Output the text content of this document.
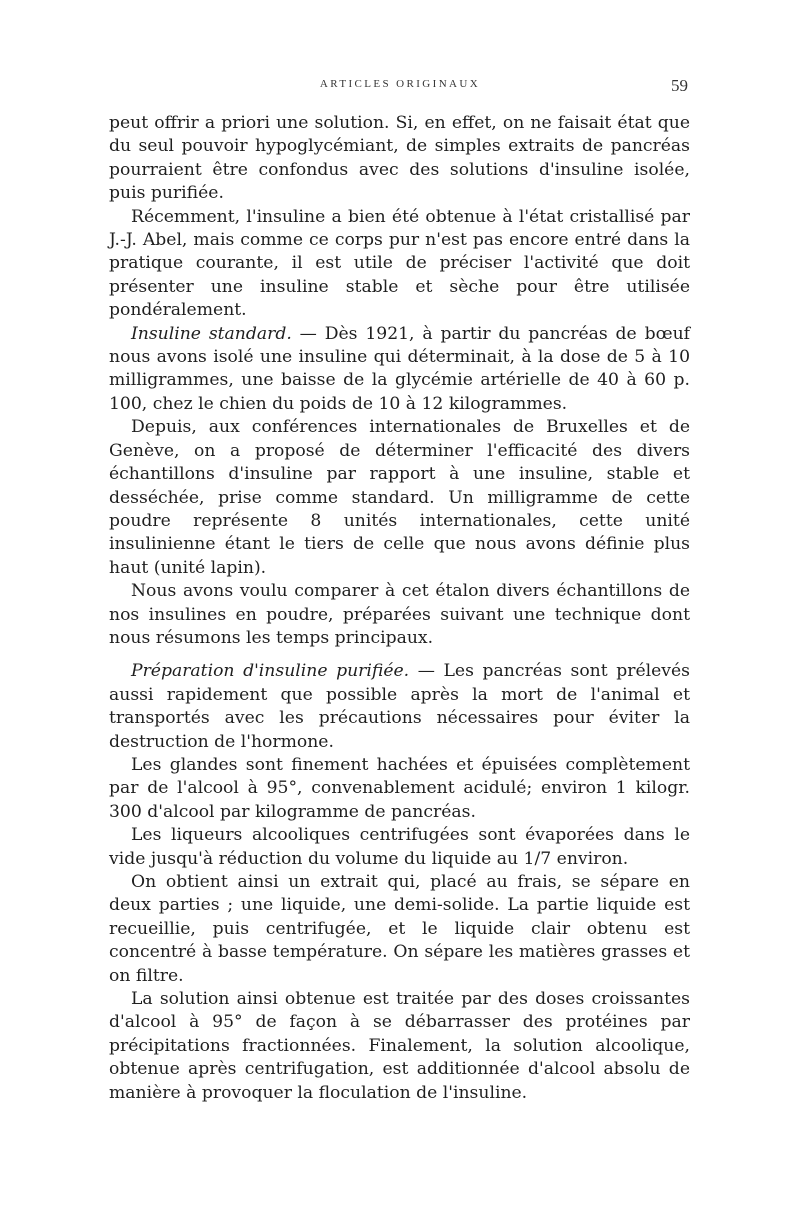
ARTICLES ORIGINAUX	59

peut offrir a priori une solution. Si, en effet, on ne faisait état que du seul pouvoir hypoglycémiant, de simples extraits de pancréas pourraient être confondus avec des solutions d'insuline isolée, puis purifiée.

Récemment, l'insuline a bien été obtenue à l'état cristallisé par J.-J. Abel, mais comme ce corps pur n'est pas encore entré dans la pratique courante, il est utile de préciser l'activité que doit présenter une insuline stable et sèche pour être utilisée pondéralement.

Insuline standard. — Dès 1921, à partir du pancréas de bœuf nous avons isolé une insuline qui déterminait, à la dose de 5 à 10 milligrammes, une baisse de la glycémie artérielle de 40 à 60 p. 100, chez le chien du poids de 10 à 12 kilogrammes.

Depuis, aux conférences internationales de Bruxelles et de Genève, on a proposé de déterminer l'efficacité des divers échantillons d'insuline par rapport à une insuline, stable et desséchée, prise comme standard. Un milligramme de cette poudre représente 8 unités internationales, cette unité insulinienne étant le tiers de celle que nous avons définie plus haut (unité lapin).

Nous avons voulu comparer à cet étalon divers échantillons de nos insulines en poudre, préparées suivant une technique dont nous résumons les temps principaux.

Préparation d'insuline purifiée. — Les pancréas sont prélevés aussi rapidement que possible après la mort de l'animal et transportés avec les précautions nécessaires pour éviter la destruction de l'hormone.

Les glandes sont finement hachées et épuisées complètement par de l'alcool à 95°, convenablement acidulé; environ 1 kilogr. 300 d'alcool par kilogramme de pancréas.

Les liqueurs alcooliques centrifugées sont évaporées dans le vide jusqu'à réduction du volume du liquide au 1/7 environ.

On obtient ainsi un extrait qui, placé au frais, se sépare en deux parties ; une liquide, une demi-solide. La partie liquide est recueillie, puis centrifugée, et le liquide clair obtenu est concentré à basse température. On sépare les matières grasses et on filtre.

La solution ainsi obtenue est traitée par des doses croissantes d'alcool à 95° de façon à se débarrasser des protéines par précipitations fractionnées. Finalement, la solution alcoolique, obtenue après centrifugation, est additionnée d'alcool absolu de manière à provoquer la floculation de l'insuline.
